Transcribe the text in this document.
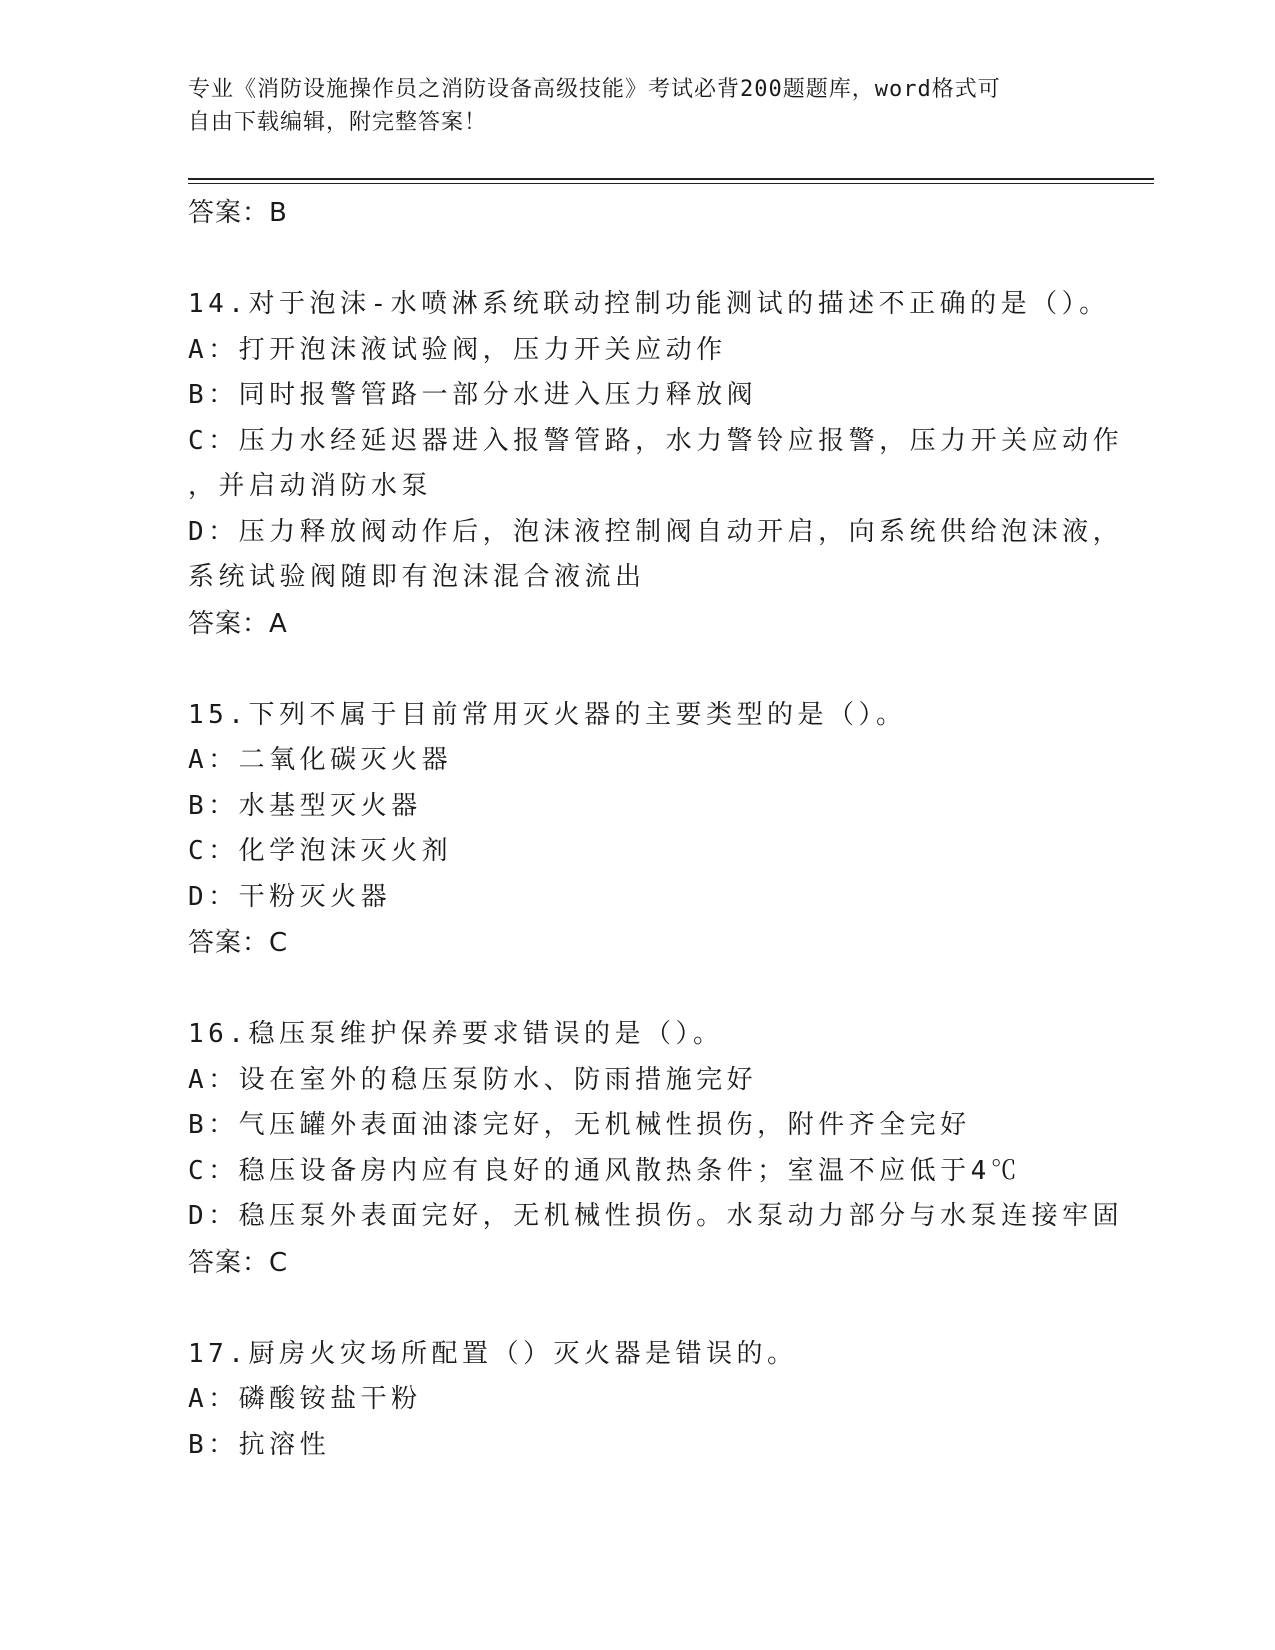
专业《消防设施操作员之消防设备高级技能》考试必背200题题库，word格式可
自由下载编辑，附完整答案！
答案：B
14.对于泡沫-水喷淋系统联动控制功能测试的描述不正确的是（）。
A：打开泡沫液试验阀，压力开关应动作
B：同时报警管路一部分水进入压力释放阀
C：压力水经延迟器进入报警管路，水力警铃应报警，压力开关应动作
，并启动消防水泵
D：压力释放阀动作后，泡沫液控制阀自动开启，向系统供给泡沫液，
系统试验阀随即有泡沫混合液流出
答案：A
15.下列不属于目前常用灭火器的主要类型的是（）。
A：二氧化碳灭火器
B：水基型灭火器
C：化学泡沫灭火剂
D：干粉灭火器
答案：C
16.稳压泵维护保养要求错误的是（）。
A：设在室外的稳压泵防水、防雨措施完好
B：气压罐外表面油漆完好，无机械性损伤，附件齐全完好
C：稳压设备房内应有良好的通风散热条件；室温不应低于4℃
D：稳压泵外表面完好，无机械性损伤。水泵动力部分与水泵连接牢固
答案：C
17.厨房火灾场所配置（）灭火器是错误的。
A：磷酸铵盐干粉
B：抗溶性
